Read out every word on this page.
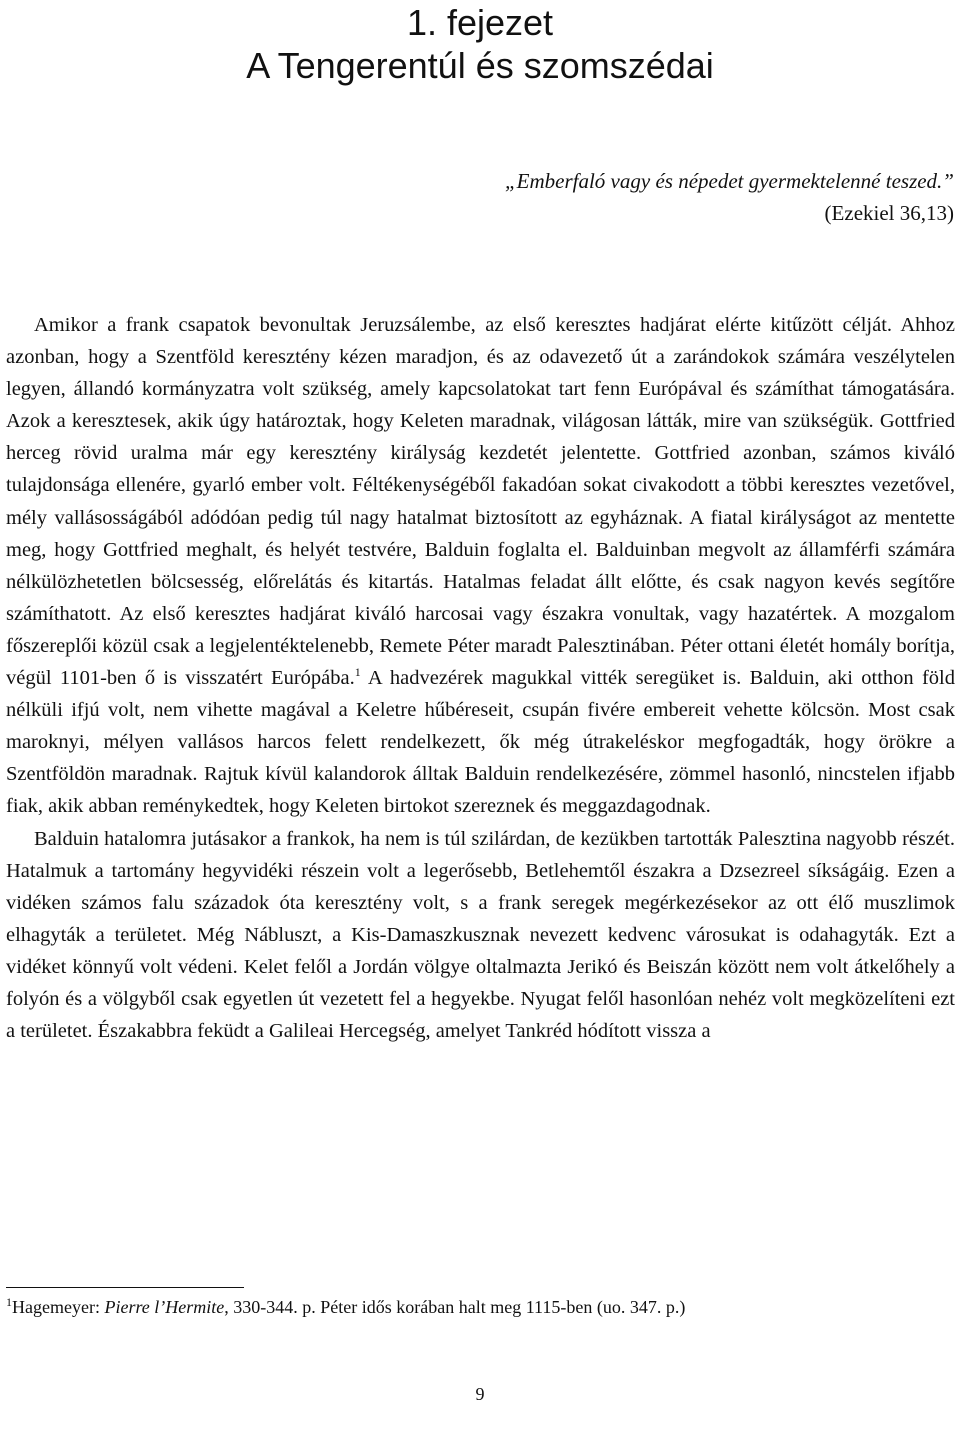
1. fejezet
A Tengerentúl és szomszédai
„Emberfaló vagy és népedet gyermektelenné teszed.”
(Ezekiel 36,13)

Amikor a frank csapatok bevonultak Jeruzsálembe, az első keresztes hadjárat elérte kitűzött célját. Ahhoz azonban, hogy a Szentföld keresztény kézen maradjon, és az odavezető út a zarándokok számára veszélytelen legyen, állandó kormányzatra volt szükség, amely kapcsolatokat tart fenn Európával és számíthat támogatására. Azok a keresztesek, akik úgy határoztak, hogy Keleten maradnak, világosan látták, mire van szükségük. Gottfried herceg rövid uralma már egy keresztény királyság kezdetét jelentette. Gottfried azonban, számos kiváló tulajdonsága ellenére, gyarló ember volt. Féltékenységéből fakadóan sokat civakodott a többi keresztes vezetővel, mély vallásosságából adódóan pedig túl nagy hatalmat biztosított az egyháznak. A fiatal királyságot az mentette meg, hogy Gottfried meghalt, és helyét testvére, Balduin foglalta el. Balduinban megvolt az államférfi számára nélkülözhetetlen bölcsesség, előrelátás és kitartás. Hatalmas feladat állt előtte, és csak nagyon kevés segítőre számíthatott. Az első keresztes hadjárat kiváló harcosai vagy északra vonultak, vagy hazatértek. A mozgalom főszereplői közül csak a legjelentéktelenebb, Remete Péter maradt Palesztinában. Péter ottani életét homály borítja, végül 1101-ben ő is visszatért Európába.$^1$ A hadvezérek magukkal vitték seregüket is. Balduin, aki otthon föld nélküli ifjú volt, nem vihette magával a Keletre hűbéreseit, csupán fivére embereit vehette kölcsön. Most csak maroknyi, mélyen vallásos harcos felett rendelkezett, ők még útrakeléskor megfogadták, hogy örökre a Szentföldön maradnak. Rajtuk kívül kalandorok álltak Balduin rendelkezésére, zömmel hasonló, nincstelen ifjabb fiak, akik abban reménykedtek, hogy Keleten birtokot szereznek és meggazdagodnak.

Balduin hatalomra jutásakor a frankok, ha nem is túl szilárdan, de kezükben tartották Palesztina nagyobb részét. Hatalmuk a tartomány hegyvidéki részein volt a legerősebb, Betlehemtől északra a Dzsezreel síkságáig. Ezen a vidéken számos falu századok óta keresztény volt, s a frank seregek megérkezésekor az ott élő muszlimok elhagyták a területet. Még Nábluszt, a Kis-Damaszkusznak nevezett kedvenc városukat is odahagyták. Ezt a vidéket könnyű volt védeni. Kelet felől a Jordán völgye oltalmazta Jerikó és Beiszán között nem volt átkelőhely a folyón és a völgyből csak egyetlen út vezetett fel a hegyekbe. Nyugat felől hasonlóan nehéz volt megközelíteni ezt a területet. Északabbra feküdt a Galileai Hercegség, amelyet Tankréd hódított vissza a

$^1$Hagemeyer: Pierre l’Hermite, 330-344. p. Péter idős korában halt meg 1115-ben (uo. 347. p.)
9
